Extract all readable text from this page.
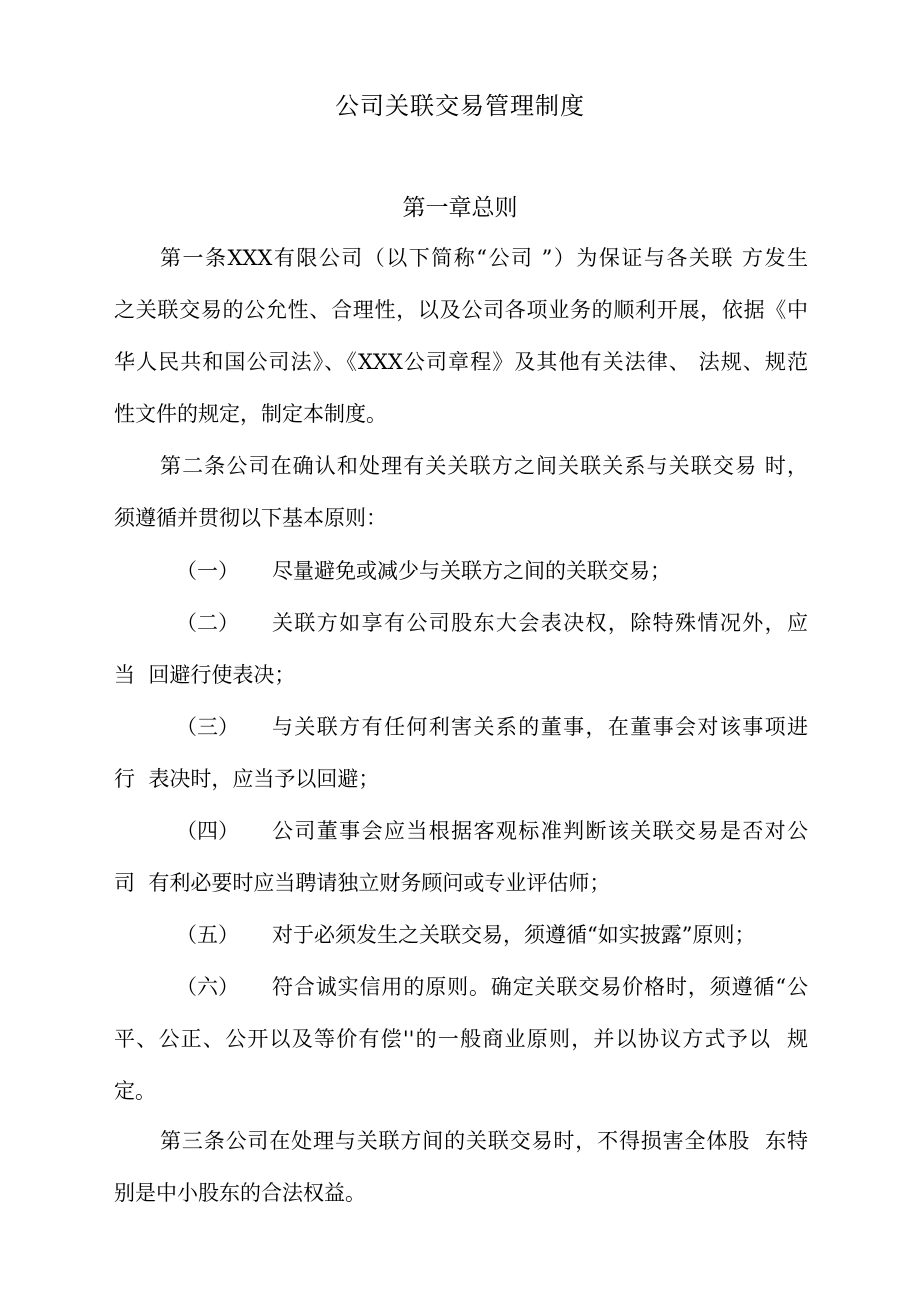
公司关联交易管理制度
第一章总则
第一条XXX有限公司（以下简称“公司 ”）为保证与各关联 方发生
之关联交易的公允性、合理性，以及公司各项业务的顺利开展，依据《中
华人民共和国公司法》、《XXX公司章程》及其他有关法律、 法规、规范
性文件的规定，制定本制度。
第二条公司在确认和处理有关关联方之间关联关系与关联交易 时，
须遵循并贯彻以下基本原则：
（一） 尽量避免或减少与关联方之间的关联交易；
（二） 关联方如享有公司股东大会表决权，除特殊情况外，应
当  回避行使表决；
（三） 与关联方有任何利害关系的董事，在董事会对该事项进
行  表决时，应当予以回避；
（四） 公司董事会应当根据客观标准判断该关联交易是否对公
司  有利必要时应当聘请独立财务顾问或专业评估师；
（五） 对于必须发生之关联交易，须遵循“如实披露”原则；
（六） 符合诚实信用的原则。确定关联交易价格时，须遵循“公
平、公正、公开以及等价有偿''的一般商业原则，并以协议方式予以  规
定。
第三条公司在处理与关联方间的关联交易时，不得损害全体股  东特
别是中小股东的合法权益。
